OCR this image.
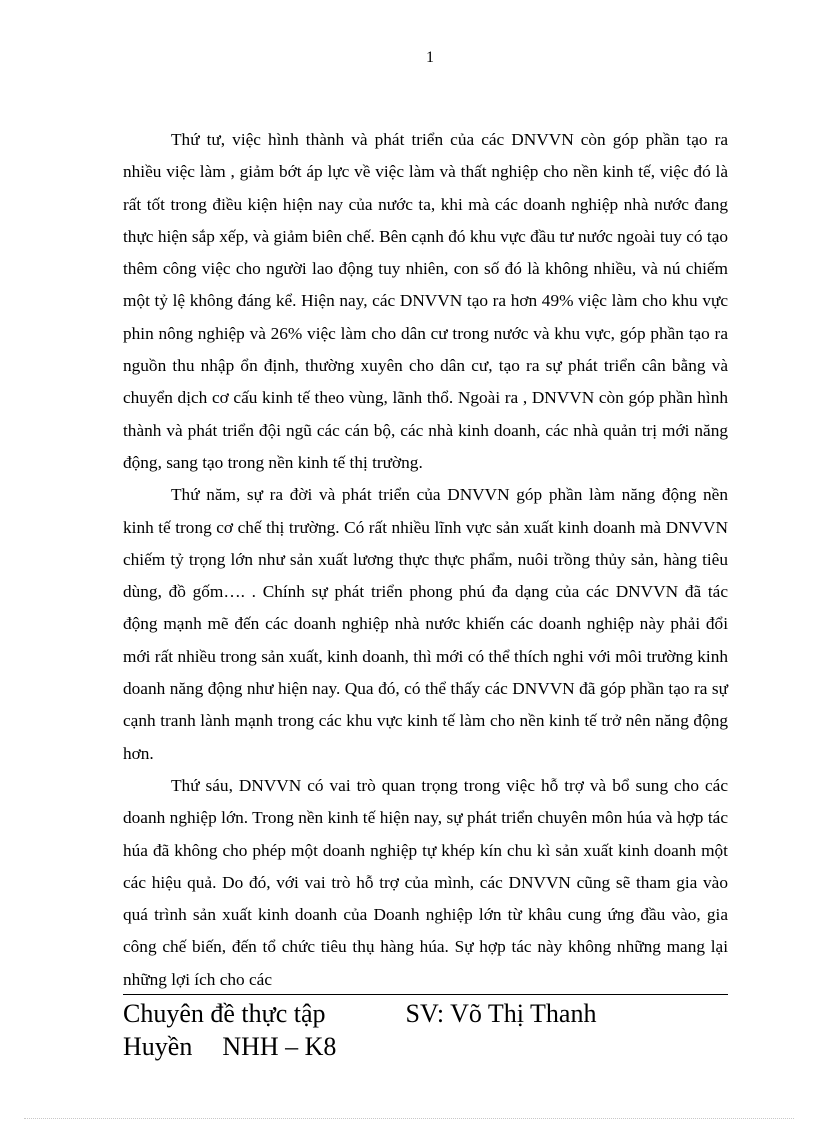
1

Thứ tư, việc hình thành và phát triển của các DNVVN còn góp phần tạo ra nhiều việc làm , giảm bớt áp lực về việc làm và thất nghiệp cho nền kinh tế, việc đó là rất tốt trong điều kiện hiện nay của nước ta, khi mà các doanh nghiệp nhà nước đang thực hiện sắp xếp, và giảm biên chế. Bên cạnh đó khu vực đầu tư nước ngoài tuy có tạo thêm công việc cho người lao động tuy nhiên, con số đó là không nhiều, và nú chiếm một tỷ lệ không đáng kể. Hiện nay, các DNVVN tạo ra hơn 49% việc làm cho khu vực phin nông nghiệp và 26% việc làm cho dân cư trong nước và khu vực, góp phần tạo ra nguồn thu nhập ổn định, thường xuyên cho dân cư, tạo ra sự phát triển cân bằng và chuyển dịch cơ cấu kinh tế theo vùng, lãnh thổ. Ngoài ra , DNVVN còn góp phần hình thành và phát triển đội ngũ các cán bộ, các nhà kinh doanh, các nhà quản trị mới năng động, sang tạo trong nền kinh tế thị trường.

Thứ năm, sự ra đời và phát triển của DNVVN góp phần làm năng động nền kinh tế trong cơ chế thị trường. Có rất nhiều lĩnh vực sản xuất kinh doanh mà DNVVN chiếm tỷ trọng lớn như sản xuất lương thực thực phẩm, nuôi trồng thủy sản, hàng tiêu dùng, đồ gốm…. . Chính sự phát triển phong phú đa dạng của các DNVVN đã tác động mạnh mẽ đến các doanh nghiệp nhà nước khiến các doanh nghiệp này phải đổi mới rất nhiều trong sản xuất, kinh doanh, thì mới có thể thích nghi với môi trường kinh doanh năng động như hiện nay. Qua đó, có thể thấy các DNVVN đã góp phần tạo ra sự cạnh tranh lành mạnh trong các khu vực kinh tế làm cho nền kinh tế trở nên năng động hơn.

Thứ sáu, DNVVN có vai trò quan trọng trong việc hỗ trợ và bổ sung cho các doanh nghiệp lớn. Trong nền kinh tế hiện nay, sự phát triển chuyên môn húa và hợp tác húa đã không cho phép một doanh nghiệp tự khép kín chu kì sản xuất kinh doanh một các hiệu quả. Do đó, với vai trò hỗ trợ của mình, các DNVVN cũng sẽ tham gia vào quá trình sản xuất kinh doanh của Doanh nghiệp lớn từ khâu cung ứng đầu vào, gia công chế biến, đến tổ chức tiêu thụ hàng húa. Sự hợp tác này không những mang lại những lợi ích cho các

Chuyên đề thực tập	SV: Võ Thị Thanh
Huyền NHH – K8
